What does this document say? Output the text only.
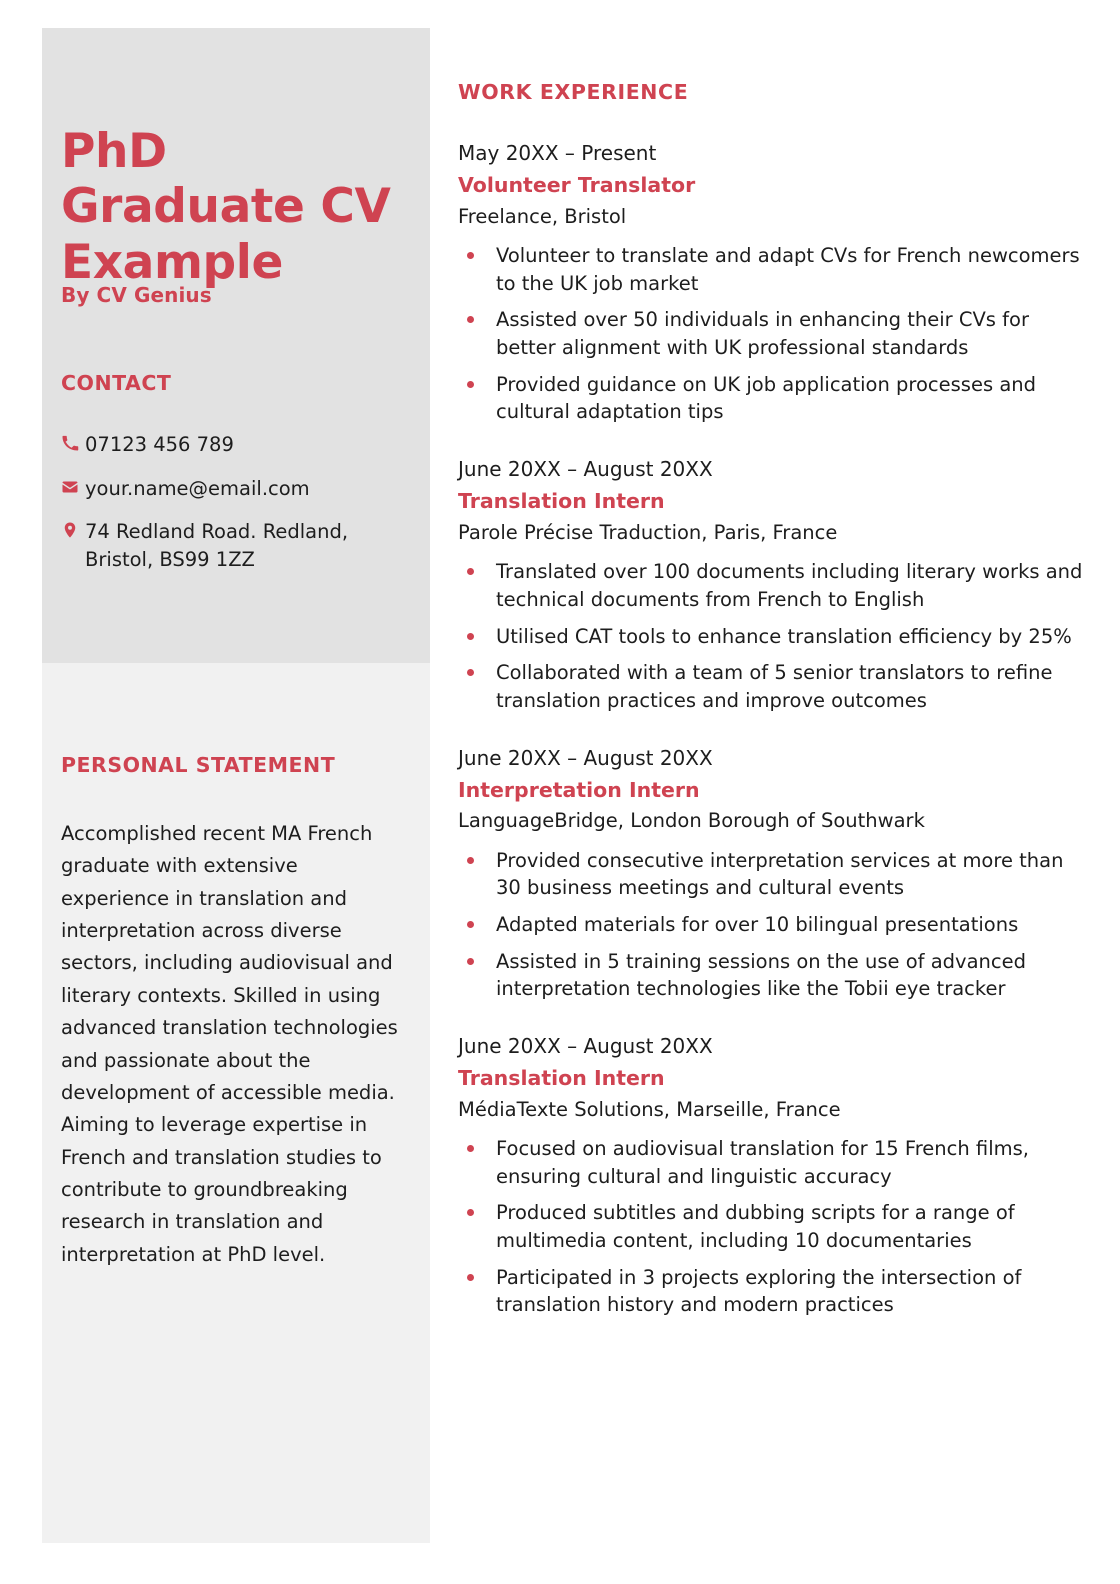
PhD Graduate CV Example
By CV Genius
CONTACT
07123 456 789
your.name@email.com
74 Redland Road. Redland, Bristol, BS99 1ZZ
PERSONAL STATEMENT
Accomplished recent MA French graduate with extensive experience in translation and interpretation across diverse sectors, including audiovisual and literary contexts. Skilled in using advanced translation technologies and passionate about the development of accessible media. Aiming to leverage expertise in French and translation studies to contribute to groundbreaking research in translation and interpretation at PhD level.
WORK EXPERIENCE
May 20XX – Present
Volunteer Translator
Freelance, Bristol
Volunteer to translate and adapt CVs for French newcomers to the UK job market
Assisted over 50 individuals in enhancing their CVs for better alignment with UK professional standards
Provided guidance on UK job application processes and cultural adaptation tips
June 20XX – August 20XX
Translation Intern
Parole Précise Traduction, Paris, France
Translated over 100 documents including literary works and technical documents from French to English
Utilised CAT tools to enhance translation efficiency by 25%
Collaborated with a team of 5 senior translators to refine translation practices and improve outcomes
June 20XX – August 20XX
Interpretation Intern
LanguageBridge, London Borough of Southwark
Provided consecutive interpretation services at more than 30 business meetings and cultural events
Adapted materials for over 10 bilingual presentations
Assisted in 5 training sessions on the use of advanced interpretation technologies like the Tobii eye tracker
June 20XX – August 20XX
Translation Intern
MédiaTexte Solutions, Marseille, France
Focused on audiovisual translation for 15 French films, ensuring cultural and linguistic accuracy
Produced subtitles and dubbing scripts for a range of multimedia content, including 10 documentaries
Participated in 3 projects exploring the intersection of translation history and modern practices
